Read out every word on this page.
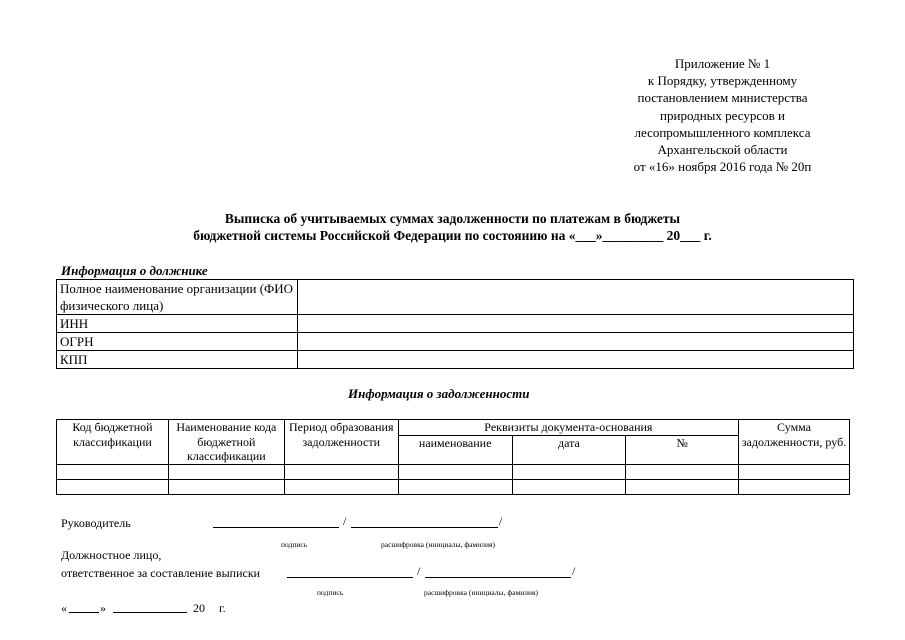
Приложение № 1
к Порядку, утвержденному
постановлением министерства
природных ресурсов и
лесопромышленного комплекса
Архангельской области
от «16» ноября 2016 года № 20п
Выписка об учитываемых суммах задолженности по платежам в бюджеты
бюджетной системы Российской Федерации по состоянию на «___»_________ 20___ г.
Информация о должнике
Полное наименование организации (ФИО физического лица)	
ИНН	
ОГРН	
КПП	
Информация о задолженности
Код бюджетной классификации	Наименование кода бюджетной классификации	Период образования задолженности	Реквизиты документа-основания			Сумма задолженности, руб.
			наименование	дата	№	

Руководитель	/	/
подпись	расшифровка (инициалы, фамилия)
Должностное лицо,
ответственное за составление выписки	/	/
подпись	расшифровка (инициалы, фамилия)
«	»	20 г.
